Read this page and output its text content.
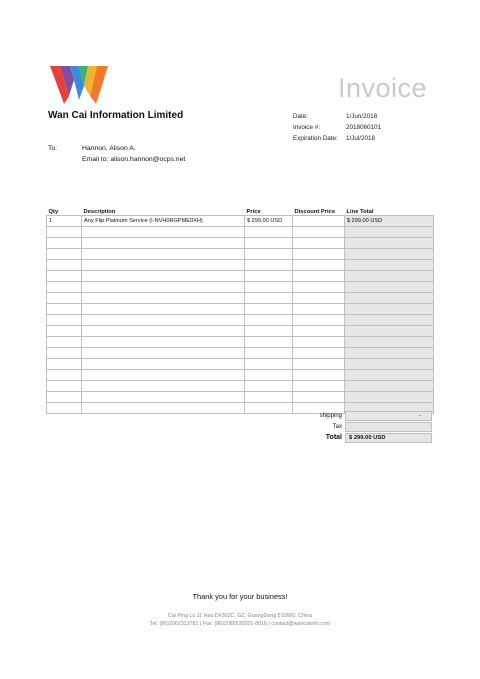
Invoice
Wan Cai Information Limited	Date:	1/Jun/2018
Invoice #:	2018060101
Expiration Date: 1/Jul/2018
To:	Hannon, Alison A.
Email to: alison.hannon@ocps.net
Qty	Description	Price	Discount Price	Line Total
1	Any Flip Platinum Service (I-NVH0RGPME0XH)	$ 299.00 USD		$ 299.00 USD

shipping	-
Tax
Total	$ 299.00 USD
Thank you for your business!
Cai Ping Lu 11 Hao D#302C, GZ, GuangDong 510660, China
Tel: (86)2062313781 | Fax: (86)2085530201-8016 | contact@wancaiinfo.com
